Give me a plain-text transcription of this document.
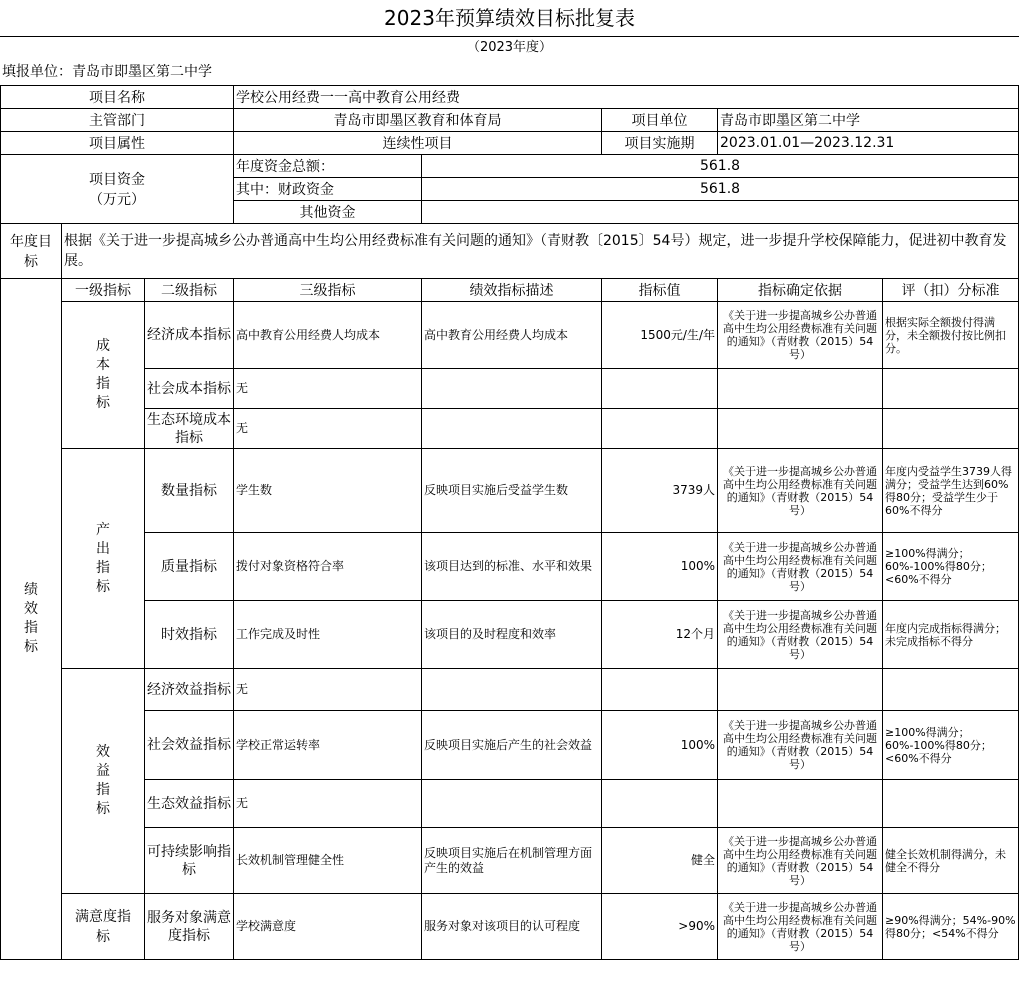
2023年预算绩效目标批复表
（2023年度）
填报单位：青岛市即墨区第二中学
项目名称			学校公用经费一一高中教育公用经费				
主管部门			青岛市即墨区教育和体育局		项目单位	青岛市即墨区第二中学	
项目属性			连续性项目		项目实施期	2023.01.01—2023.12.31	

项目资金
（万元）			年度资金总额：	561.8			
			其中：财政资金	561.8			
			其他资金				

年度目
标	根据《关于进一步提高城乡公办普通高中生均公用经费标准有关问题的通知》（青财教〔2015〕54号）规定，进一步提升学校保障能力，促进初中教育发展。						

绩
效
指
标	一级指标	二级指标	三级指标	绩效指标描述	指标值	指标确定依据	评（扣）分标准

	成
本
指
标	经济成本指标	高中教育公用经费人均成本	高中教育公用经费人均成本	1500元/生/年	《关于进一步提高城乡公办普通高中生均公用经费标准有关问题的通知》（青财教（2015）54号）	根据实际全额拨付得满分，未全额拨付按比例扣分。
		社会成本指标	无				
		生态环境成本指标	无				

	产
出
指
标	数量指标	学生数	反映项目实施后受益学生数	3739人	《关于进一步提高城乡公办普通高中生均公用经费标准有关问题的通知》（青财教（2015）54号）	年度内受益学生3739人得满分；受益学生达到60%得80分；受益学生少于60%不得分
		质量指标	拨付对象资格符合率	该项目达到的标准、水平和效果	100%	《关于进一步提高城乡公办普通高中生均公用经费标准有关问题的通知》（青财教（2015）54号）	≥100%得满分；60%-100%得80分；<60%不得分
		时效指标	工作完成及时性	该项目的及时程度和效率	12个月	《关于进一步提高城乡公办普通高中生均公用经费标准有关问题的通知》（青财教（2015）54号）	年度内完成指标得满分；未完成指标不得分

	效
益
指
标	经济效益指标	无				
		社会效益指标	学校正常运转率	反映项目实施后产生的社会效益	100%	《关于进一步提高城乡公办普通高中生均公用经费标准有关问题的通知》（青财教（2015）54号）	≥100%得满分；60%-100%得80分；<60%不得分
		生态效益指标	无				
		可持续影响指标	长效机制管理健全性	反映项目实施后在机制管理方面产生的效益	健全	《关于进一步提高城乡公办普通高中生均公用经费标准有关问题的通知》（青财教（2015）54号）	健全长效机制得满分，未健全不得分

	满意度指
标	服务对象满意度指标	学校满意度	服务对象对该项目的认可程度	>90%	《关于进一步提高城乡公办普通高中生均公用经费标准有关问题的通知》（青财教（2015）54号）	≥90%得满分；54%-90%得80分；<54%不得分
